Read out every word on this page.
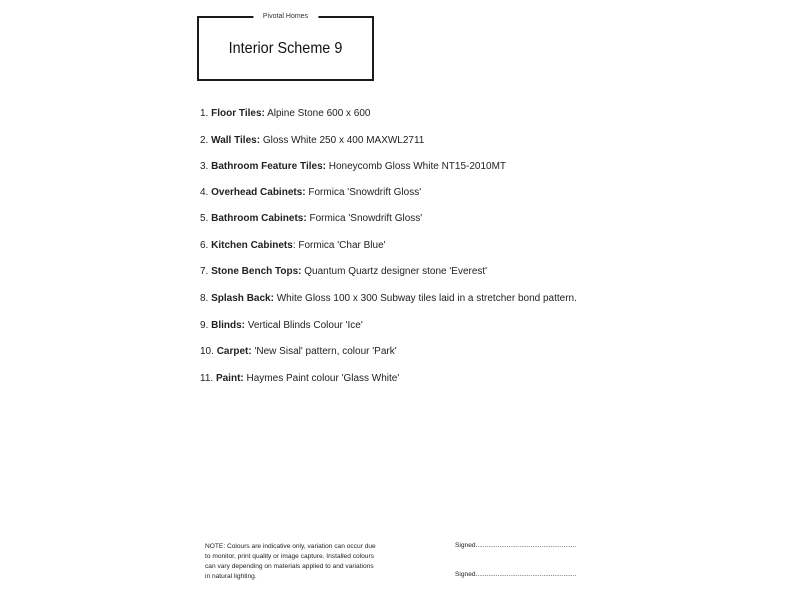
Pivotal Homes
Interior Scheme 9
1. Floor Tiles: Alpine Stone 600 x 600
2. Wall Tiles: Gloss White 250 x 400 MAXWL2711
3. Bathroom Feature Tiles: Honeycomb Gloss White NT15-2010MT
4. Overhead Cabinets: Formica 'Snowdrift Gloss'
5. Bathroom Cabinets: Formica 'Snowdrift Gloss'
6. Kitchen Cabinets: Formica 'Char Blue'
7. Stone Bench Tops: Quantum Quartz designer stone 'Everest'
8. Splash Back: White Gloss 100 x 300 Subway tiles laid in a stretcher bond pattern.
9. Blinds: Vertical Blinds Colour 'Ice'
10. Carpet: 'New Sisal' pattern, colour 'Park'
11. Paint: Haymes Paint colour 'Glass White'
NOTE: Colours are indicative only, variation can occur due to monitor, print quality or image capture. Installed colours can vary depending on materials applied to and variations in natural lighting.
Signed.......................................................
Signed.......................................................
